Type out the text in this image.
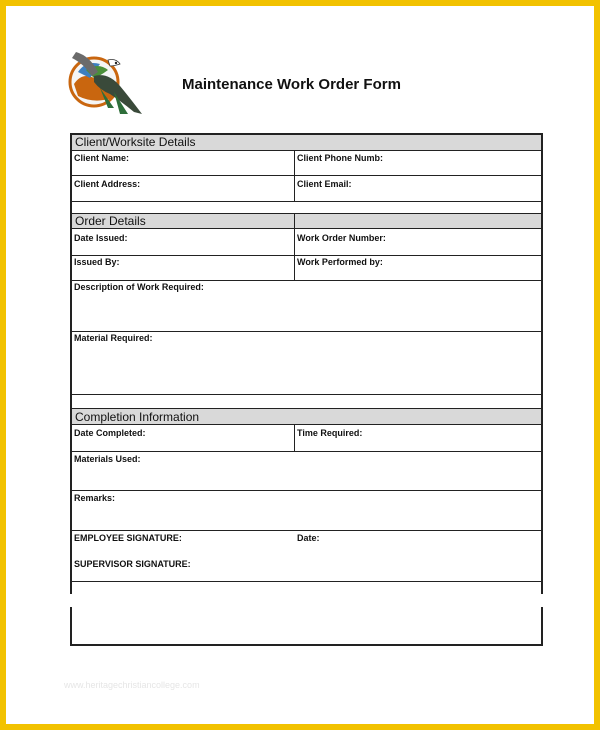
Maintenance Work Order Form
Client/Worksite Details
Client Name:	Client Phone Numb:
Client Address:	Client Email:
Order Details
Date Issued:	Work Order Number:
Issued By:	Work Performed by:
Description of Work Required:
Material Required:
Completion Information
Date Completed:	Time Required:
Materials Used:
Remarks:
EMPLOYEE SIGNATURE:	Date:
SUPERVISOR SIGNATURE:
www.heritagechristiancollege.com
